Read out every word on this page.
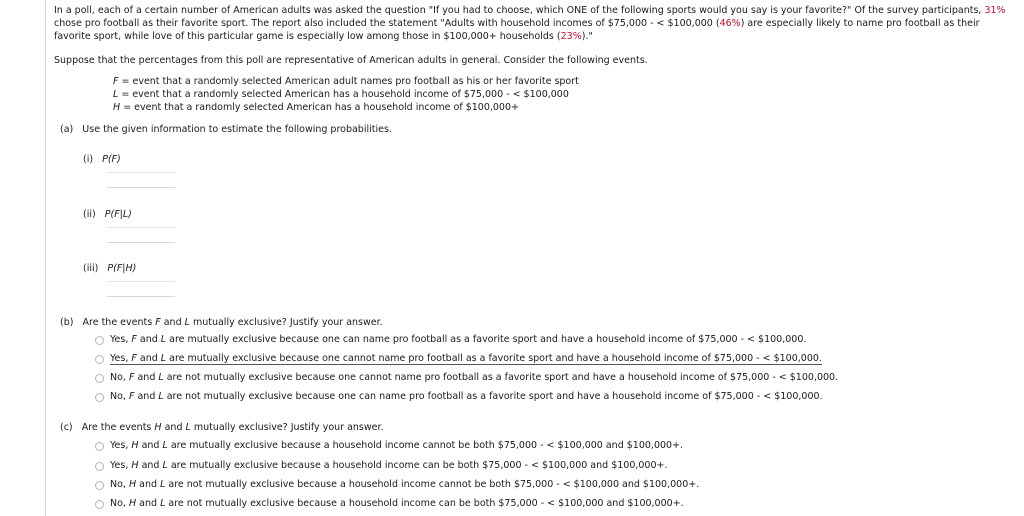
In a poll, each of a certain number of American adults was asked the question "If you had to choose, which ONE of the following sports would you say is your favorite?" Of the survey participants, 31%
chose pro football as their favorite sport. The report also included the statement "Adults with household incomes of $75,000 - < $100,000 (46%) are especially likely to name pro football as their
favorite sport, while love of this particular game is especially low among those in $100,000+ households (23%)."
Suppose that the percentages from this poll are representative of American adults in general. Consider the following events.
F = event that a randomly selected American adult names pro football as his or her favorite sport
L = event that a randomly selected American has a household income of $75,000 - < $100,000
H = event that a randomly selected American has a household income of $100,000+
(a) Use the given information to estimate the following probabilities.
(i) P(F)
(ii) P(F|L)
(iii) P(F|H)
(b) Are the events F and L mutually exclusive? Justify your answer.
Yes, F and L are mutually exclusive because one can name pro football as a favorite sport and have a household income of $75,000 - < $100,000.
Yes, F and L are mutually exclusive because one cannot name pro football as a favorite sport and have a household income of $75,000 - < $100,000.
No, F and L are not mutually exclusive because one cannot name pro football as a favorite sport and have a household income of $75,000 - < $100,000.
No, F and L are not mutually exclusive because one can name pro football as a favorite sport and have a household income of $75,000 - < $100,000.
(c) Are the events H and L mutually exclusive? Justify your answer.
Yes, H and L are mutually exclusive because a household income cannot be both $75,000 - < $100,000 and $100,000+.
Yes, H and L are mutually exclusive because a household income can be both $75,000 - < $100,000 and $100,000+.
No, H and L are not mutually exclusive because a household income cannot be both $75,000 - < $100,000 and $100,000+.
No, H and L are not mutually exclusive because a household income can be both $75,000 - < $100,000 and $100,000+.
